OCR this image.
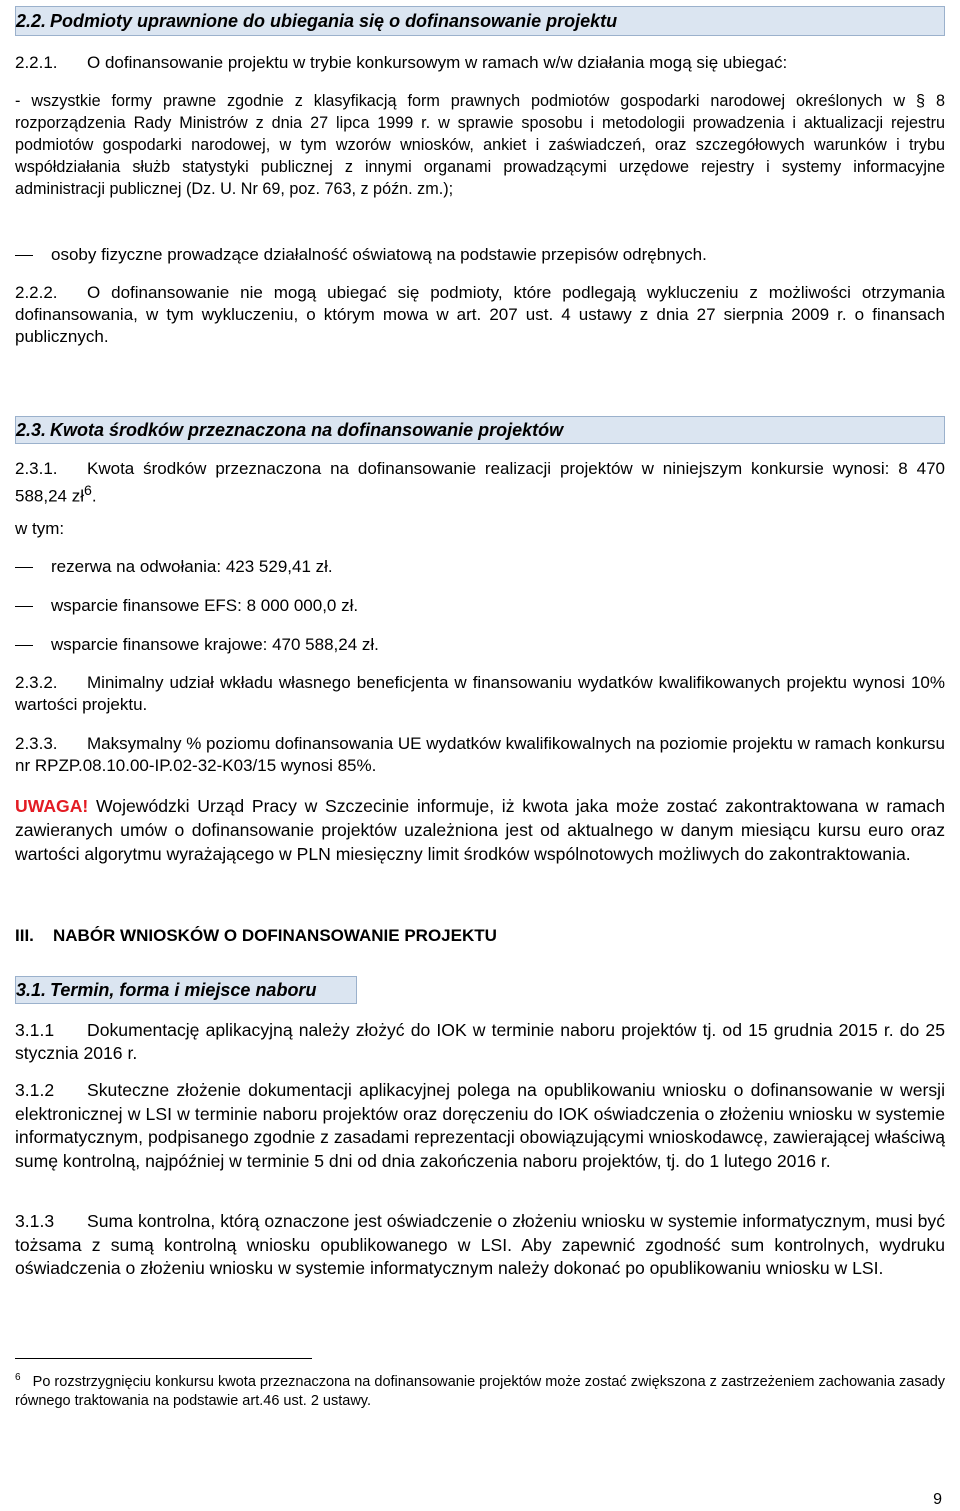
2.2. Podmioty uprawnione do ubiegania się o dofinansowanie projektu

2.2.1. O dofinansowanie projektu w trybie konkursowym w ramach w/w działania mogą się ubiegać:

- wszystkie formy prawne zgodnie z klasyfikacją form prawnych podmiotów gospodarki narodowej określonych w § 8 rozporządzenia Rady Ministrów z dnia 27 lipca 1999 r. w sprawie sposobu i metodologii prowadzenia i aktualizacji rejestru podmiotów gospodarki narodowej, w tym wzorów wniosków, ankiet i zaświadczeń, oraz szczegółowych warunków i trybu współdziałania służb statystyki publicznej z innymi organami prowadzącymi urzędowe rejestry i systemy informacyjne administracji publicznej (Dz. U. Nr 69, poz. 763, z późn. zm.);

osoby fizyczne prowadzące działalność oświatową na podstawie przepisów odrębnych.

2.2.2. O dofinansowanie nie mogą ubiegać się podmioty, które podlegają wykluczeniu z możliwości otrzymania dofinansowania, w tym wykluczeniu, o którym mowa w art. 207 ust. 4 ustawy z dnia 27 sierpnia 2009 r. o finansach publicznych.

2.3. Kwota środków przeznaczona na dofinansowanie projektów

2.3.1. Kwota środków przeznaczona na dofinansowanie realizacji projektów w niniejszym konkursie wynosi: 8 470 588,24 $zł^6$.

w tym:

rezerwa na odwołania: 423 529,41 zł.

wsparcie finansowe EFS: 8 000 000,0 zł.

wsparcie finansowe krajowe: 470 588,24 zł.

2.3.2. Minimalny udział wkładu własnego beneficjenta w finansowaniu wydatków kwalifikowanych projektu wynosi 10% wartości projektu.

2.3.3. Maksymalny % poziomu dofinansowania UE wydatków kwalifikowalnych na poziomie projektu w ramach konkursu nr RPZP.08.10.00-IP.02-32-K03/15 wynosi 85%.

UWAGA! Wojewódzki Urząd Pracy w Szczecinie informuje, iż kwota jaka może zostać zakontraktowana w ramach zawieranych umów o dofinansowanie projektów uzależniona jest od aktualnego w danym miesiącu kursu euro oraz wartości algorytmu wyrażającego w PLN miesięczny limit środków wspólnotowych możliwych do zakontraktowania.

III. NABÓR WNIOSKÓW O DOFINANSOWANIE PROJEKTU

3.1. Termin, forma i miejsce naboru

3.1.1 Dokumentację aplikacyjną należy złożyć do IOK w terminie naboru projektów tj. od 15 grudnia 2015 r. do 25 stycznia 2016 r.

3.1.2 Skuteczne złożenie dokumentacji aplikacyjnej polega na opublikowaniu wniosku o dofinansowanie w wersji elektronicznej w LSI w terminie naboru projektów oraz doręczeniu do IOK oświadczenia o złożeniu wniosku w systemie informatycznym, podpisanego zgodnie z zasadami reprezentacji obowiązującymi wnioskodawcę, zawierającej właściwą sumę kontrolną, najpóźniej w terminie 5 dni od dnia zakończenia naboru projektów, tj. do 1 lutego 2016 r.

3.1.3 Suma kontrolna, którą oznaczone jest oświadczenie o złożeniu wniosku w systemie informatycznym, musi być tożsama z sumą kontrolną wniosku opublikowanego w LSI. Aby zapewnić zgodność sum kontrolnych, wydruku oświadczenia o złożeniu wniosku w systemie informatycznym należy dokonać po opublikowaniu wniosku w LSI.

$^6$ Po rozstrzygnięciu konkursu kwota przeznaczona na dofinansowanie projektów może zostać zwiększona z zastrzeżeniem zachowania zasady równego traktowania na podstawie art.46 ust. 2 ustawy.

9
